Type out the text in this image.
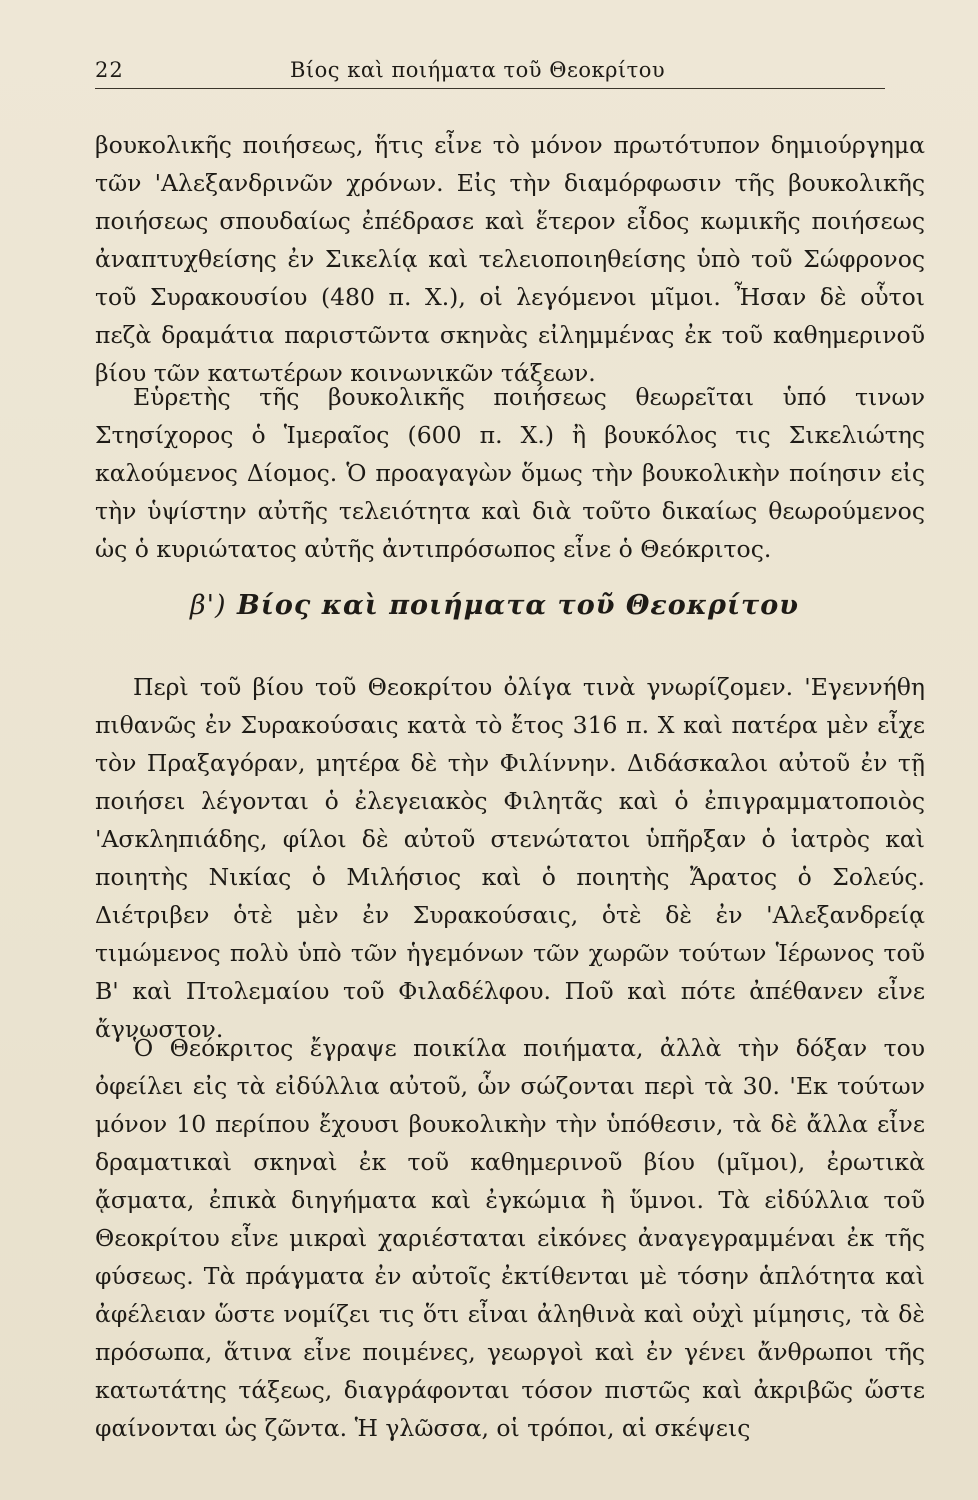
22	Βίος καὶ ποιήματα τοῦ Θεοκρίτου

βουκολικῆς ποιήσεως, ἥτις εἶνε τὸ μόνον πρωτότυπον δημιούργημα τῶν 'Αλεξανδρινῶν χρόνων. Εἰς τὴν διαμόρφωσιν τῆς βουκολικῆς ποιήσεως σπουδαίως ἐπέδρασε καὶ ἕτερον εἶδος κωμικῆς ποιήσεως ἀναπτυχθείσης ἐν Σικελίᾳ καὶ τελειοποιηθείσης ὑπὸ τοῦ Σώφρονος τοῦ Συρακουσίου (480 π. Χ.), οἱ λεγόμενοι μῖμοι. Ἦσαν δὲ οὗτοι πεζὰ δραμάτια παριστῶντα σκηνὰς εἰλημμένας ἐκ τοῦ καθημερινοῦ βίου τῶν κατωτέρων κοινωνικῶν τάξεων.

Εὑρετὴς τῆς βουκολικῆς ποιήσεως θεωρεῖται ὑπό τινων Στησίχορος ὁ Ἱμεραῖος (600 π. Χ.) ἢ βουκόλος τις Σικελιώτης καλούμενος Δίομος. Ὁ προαγαγὼν ὅμως τὴν βουκολικὴν ποίησιν εἰς τὴν ὑψίστην αὐτῆς τελειότητα καὶ διὰ τοῦτο δικαίως θεωρούμενος ὡς ὁ κυριώτατος αὐτῆς ἀντιπρόσωπος εἶνε ὁ Θεόκριτος.

β') Βίος καὶ ποιήματα τοῦ Θεοκρίτου

Περὶ τοῦ βίου τοῦ Θεοκρίτου ὀλίγα τινὰ γνωρίζομεν. 'Εγεννήθη πιθανῶς ἐν Συρακούσαις κατὰ τὸ ἔτος 316 π. Χ καὶ πατέρα μὲν εἶχε τὸν Πραξαγόραν, μητέρα δὲ τὴν Φιλίννην. Διδάσκαλοι αὐτοῦ ἐν τῇ ποιήσει λέγονται ὁ ἐλεγειακὸς Φιλητᾶς καὶ ὁ ἐπιγραμματοποιὸς 'Ασκληπιάδης, φίλοι δὲ αὐτοῦ στενώτατοι ὑπῆρξαν ὁ ἰατρὸς καὶ ποιητὴς Νικίας ὁ Μιλήσιος καὶ ὁ ποιητὴς Ἄρατος ὁ Σολεύς. Διέτριβεν ὁτὲ μὲν ἐν Συρακούσαις, ὁτὲ δὲ ἐν 'Αλεξανδρείᾳ τιμώμενος πολὺ ὑπὸ τῶν ἡγεμόνων τῶν χωρῶν τούτων Ἱέρωνος τοῦ Β' καὶ Πτολεμαίου τοῦ Φιλαδέλφου. Ποῦ καὶ πότε ἀπέθανεν εἶνε ἄγνωστον.

Ὁ Θεόκριτος ἔγραψε ποικίλα ποιήματα, ἀλλὰ τὴν δόξαν του ὀφείλει εἰς τὰ εἰδύλλια αὐτοῦ, ὧν σώζονται περὶ τὰ 30. 'Εκ τούτων μόνον 10 περίπου ἔχουσι βουκολικὴν τὴν ὑπόθεσιν, τὰ δὲ ἄλλα εἶνε δραματικαὶ σκηναὶ ἐκ τοῦ καθημερινοῦ βίου (μῖμοι), ἐρωτικὰ ᾄσματα, ἐπικὰ διηγήματα καὶ ἐγκώμια ἢ ὕμνοι. Τὰ εἰδύλλια τοῦ Θεοκρίτου εἶνε μικραὶ χαριέσταται εἰκόνες ἀναγεγραμμέναι ἐκ τῆς φύσεως. Τὰ πράγματα ἐν αὐτοῖς ἐκτίθενται μὲ τόσην ἁπλότητα καὶ ἀφέλειαν ὥστε νομίζει τις ὅτι εἶναι ἀληθινὰ καὶ οὐχὶ μίμησις, τὰ δὲ πρόσωπα, ἅτινα εἶνε ποιμένες, γεωργοὶ καὶ ἐν γένει ἄνθρωποι τῆς κατωτάτης τάξεως, διαγράφονται τόσον πιστῶς καὶ ἀκριβῶς ὥστε φαίνονται ὡς ζῶντα. Ἡ γλῶσσα, οἱ τρόποι, αἱ σκέψεις
